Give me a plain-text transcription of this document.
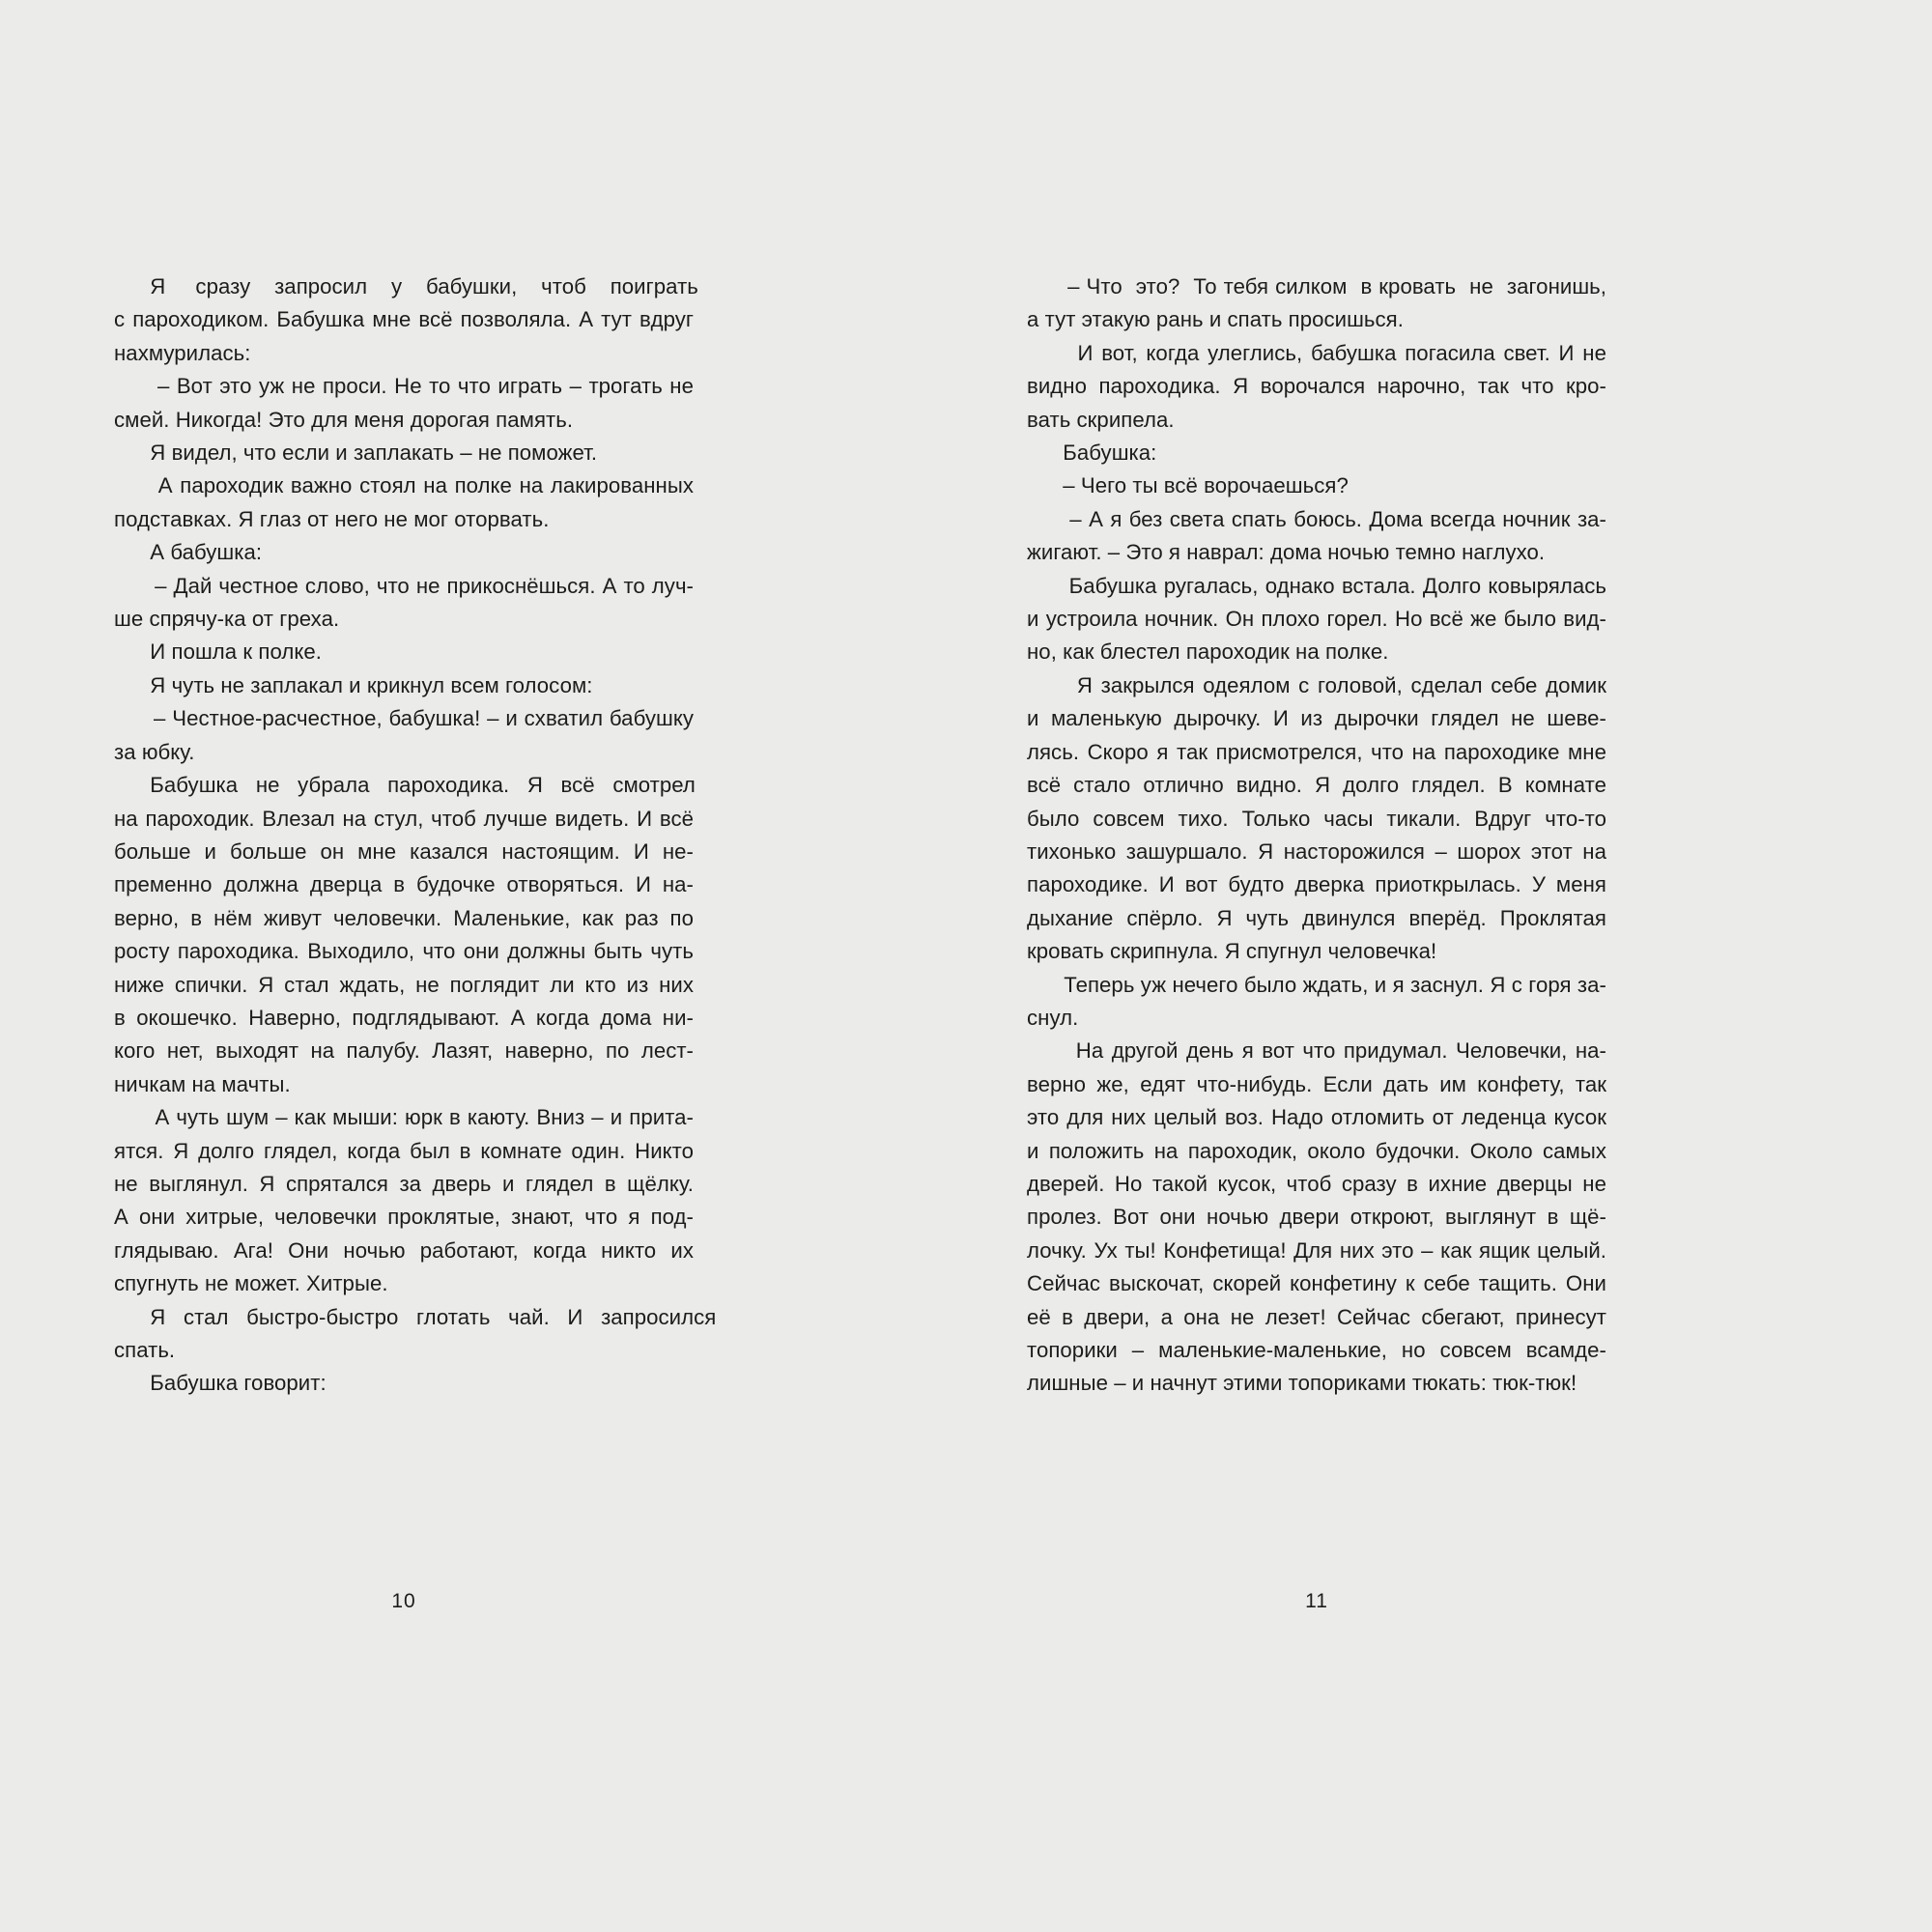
Я     сразу    запросил    у    бабушки,    чтоб    поиграть
с пароходиком. Бабушка мне всё позволяла. А тут вдруг
нахмурилась:
– Вот это уж не проси. Не то что играть – трогать не
смей. Никогда! Это для меня дорогая память.
Я видел, что если и заплакать – не поможет.
А пароходик важно стоял на полке на лакированных
подставках. Я глаз от него не мог оторвать.
А бабушка:
– Дай честное слово, что не прикоснёшься. А то луч-
ше спрячу-ка от греха.
И пошла к полке.
Я чуть не заплакал и крикнул всем голосом:
– Честное-расчестное, бабушка! – и схватил бабушку
за юбку.
Бабушка   не   убрала   пароходика.   Я   всё   смотрел
на пароходик. Влезал на стул, чтоб лучше видеть. И всё
больше  и  больше  он  мне  казался  настоящим.  И  не-
пременно должна дверца в будочке отворяться. И на-
верно, в нём живут человечки. Маленькие, как раз по
росту пароходика. Выходило, что они должны быть чуть
ниже спички. Я стал ждать, не поглядит ли кто из них
в окошечко. Наверно, подглядывают. А когда дома ни-
кого нет, выходят на палубу. Лазят, наверно, по лест-
ничкам на мачты.
А чуть шум – как мыши: юрк в каюту. Вниз – и прита-
ятся. Я долго глядел, когда был в комнате один. Никто
не выглянул. Я спрятался за дверь и глядел в щёлку.
А они хитрые, человечки проклятые, знают, что я под-
глядываю.  Ага!  Они  ночью  работают,  когда  никто  их
спугнуть не может. Хитрые.
Я   стал   быстро-быстро   глотать   чай.   И   запросился
спать.
Бабушка говорит:
– Что  это?  То тебя силком  в кровать  не  загонишь,
а тут этакую рань и спать просишься.
И вот, когда улеглись, бабушка погасила свет. И не
видно  пароходика.  Я  ворочался  нарочно,  так  что  кро-
вать скрипела.
Бабушка:
– Чего ты всё ворочаешься?
– А я без света спать боюсь. Дома всегда ночник за-
жигают. – Это я наврал: дома ночью темно наглухо.
Бабушка ругалась, однако встала. Долго ковырялась
и устроила ночник. Он плохо горел. Но всё же было вид-
но, как блестел пароходик на полке.
Я закрылся одеялом с головой, сделал себе домик
и маленькую дырочку. И из дырочки глядел не шеве-
лясь. Скоро я так присмотрелся, что на пароходике мне
всё  стало  отлично  видно.  Я  долго  глядел.  В  комнате
было  совсем  тихо.  Только  часы  тикали.  Вдруг  что-то
тихонько зашуршало. Я насторожился – шорох этот на
пароходике. И вот будто дверка приоткрылась. У меня
дыхание  спёрло.  Я  чуть  двинулся  вперёд.  Проклятая
кровать скрипнула. Я спугнул человечка!
Теперь уж нечего было ждать, и я заснул. Я с горя за-
снул.
На другой день я вот что придумал. Человечки, на-
верно же, едят что-нибудь. Если дать им конфету, так
это для них целый воз. Надо отломить от леденца кусок
и положить на пароходик, около будочки. Около самых
дверей. Но такой кусок, чтоб сразу в ихние дверцы не
пролез. Вот они ночью двери откроют, выглянут в щё-
лочку. Ух ты! Конфетища! Для них это – как ящик целый.
Сейчас выскочат, скорей конфетину к себе тащить. Они
её в двери, а она не лезет! Сейчас сбегают, принесут
топорики  –  маленькие-маленькие,  но  совсем  всамде-
лишные – и начнут этими топориками тюкать: тюк-тюк!
10	11
